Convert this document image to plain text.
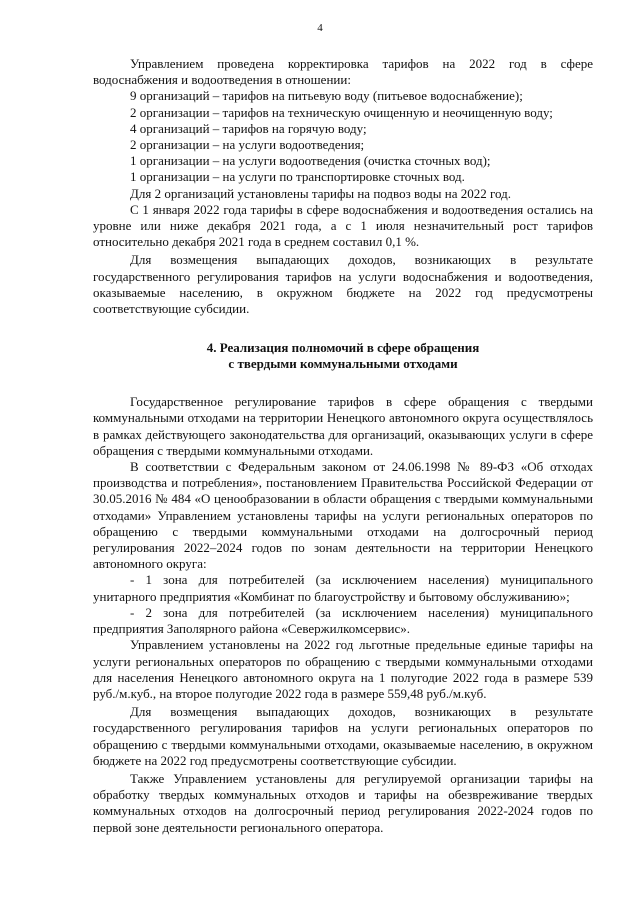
4

Управлением проведена корректировка тарифов на 2022 год в сфере водоснабжения и водоотведения в отношении:

9 организаций – тарифов на питьевую воду (питьевое водоснабжение);

2 организации – тарифов на техническую очищенную и неочищенную воду;

4 организаций – тарифов на горячую воду;

2 организации – на услуги водоотведения;

1 организации – на услуги водоотведения (очистка сточных вод);

1 организации – на услуги по транспортировке сточных вод.

Для 2 организаций установлены тарифы на подвоз воды на 2022 год.

С 1 января 2022 года тарифы в сфере водоснабжения и водоотведения остались на уровне или ниже декабря 2021 года, а с 1 июля незначительный рост тарифов относительно декабря 2021 года в среднем составил 0,1 %.

Для возмещения выпадающих доходов, возникающих в результате государственного регулирования тарифов на услуги водоснабжения и водоотведения, оказываемые населению, в окружном бюджете на 2022 год предусмотрены соответствующие субсидии.

4. Реализация полномочий в сфере обращения
с твердыми коммунальными отходами

Государственное регулирование тарифов в сфере обращения с твердыми коммунальными отходами на территории Ненецкого автономного округа осуществлялось в рамках действующего законодательства для организаций, оказывающих услуги в сфере обращения с твердыми коммунальными отходами.

В соответствии с Федеральным законом от 24.06.1998 № 89-ФЗ «Об отходах производства и потребления», постановлением Правительства Российской Федерации от 30.05.2016 № 484 «О ценообразовании в области обращения с твердыми коммунальными отходами» Управлением установлены тарифы на услуги региональных операторов по обращению с твердыми коммунальными отходами на долгосрочный период регулирования 2022–2024 годов по зонам деятельности на территории Ненецкого автономного округа:

- 1 зона для потребителей (за исключением населения) муниципального унитарного предприятия «Комбинат по благоустройству и бытовому обслуживанию»;

- 2 зона для потребителей (за исключением населения) муниципального предприятия Заполярного района «Севержилкомсервис».

Управлением установлены на 2022 год льготные предельные единые тарифы на услуги региональных операторов по обращению с твердыми коммунальными отходами для населения Ненецкого автономного округа на 1 полугодие 2022 года в размере 539 руб./м.куб., на второе полугодие 2022 года в размере 559,48 руб./м.куб.

Для возмещения выпадающих доходов, возникающих в результате государственного регулирования тарифов на услуги региональных операторов по обращению с твердыми коммунальными отходами, оказываемые населению, в окружном бюджете на 2022 год предусмотрены соответствующие субсидии.

Также Управлением установлены для регулируемой организации тарифы на обработку твердых коммунальных отходов и тарифы на обезвреживание твердых коммунальных отходов на долгосрочный период регулирования 2022-2024 годов по первой зоне деятельности регионального оператора.
